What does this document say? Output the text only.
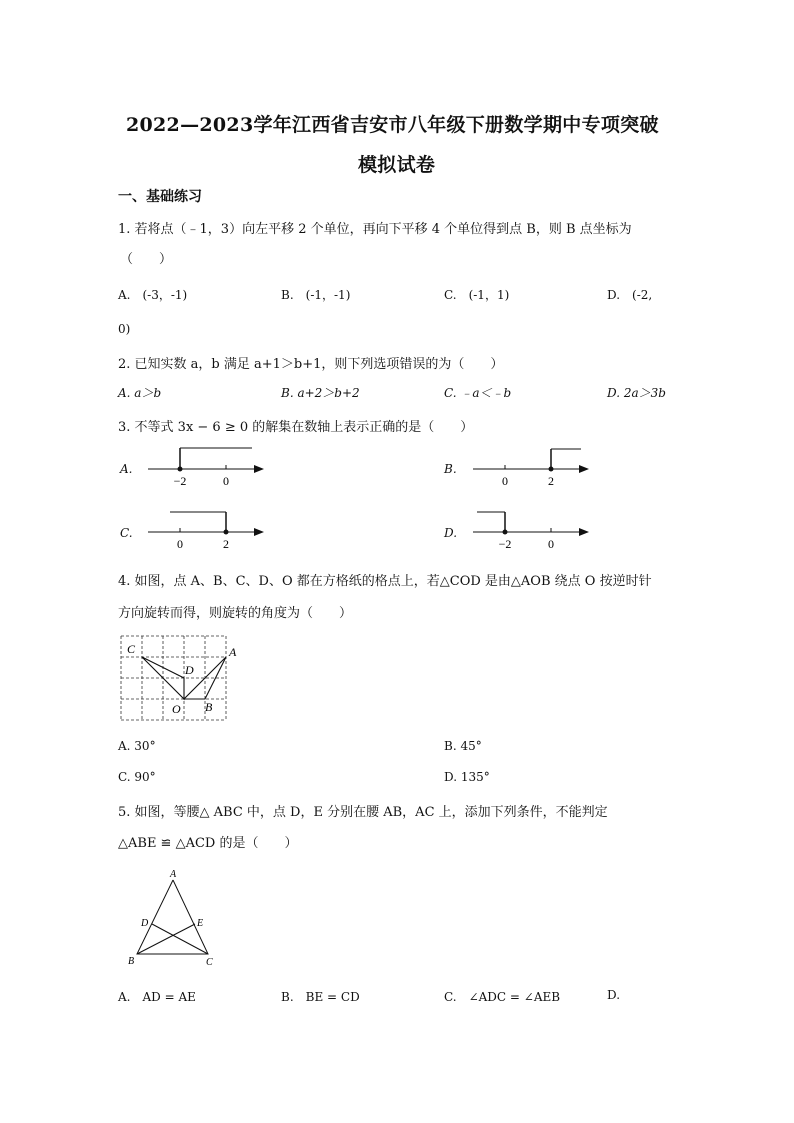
2022—2023学年江西省吉安市八年级下册数学期中专项突破
模拟试卷
一、基础练习
1. 若将点（﹣1，3）向左平移 2 个单位，再向下平移 4 个单位得到点 B，则 B 点坐标为
（　　）
A.　(-3，-1)	B.　(-1，-1)	C.　(-1，1)	D.　(-2,
0)
2. 已知实数 a，b 满足 a+1＞b+1，则下列选项错误的为（　　）
A. a＞b	B. a+2＞b+2	C. ﹣a＜﹣b	D. 2a＞3b
3. 不等式 3x − 6 ≥ 0 的解集在数轴上表示正确的是（　　）
A.
−2	0
B.
0	2
C.
0	2
D.
−2	0
4. 如图，点 A、B、C、D、O 都在方格纸的格点上，若△COD 是由△AOB 绕点 O 按逆时针
方向旋转而得，则旋转的角度为（　　）
C
D
A
O B
A. 30°	B. 45°
C. 90°	D. 135°
5. 如图，等腰△ ABC 中，点 D，E 分别在腰 AB，AC 上，添加下列条件，不能判定
△ABE ≌ △ACD 的是（　　）
A
D	E
B	C
A.　AD = AE	B.　BE = CD	C.　∠ADC = ∠AEB	D.
